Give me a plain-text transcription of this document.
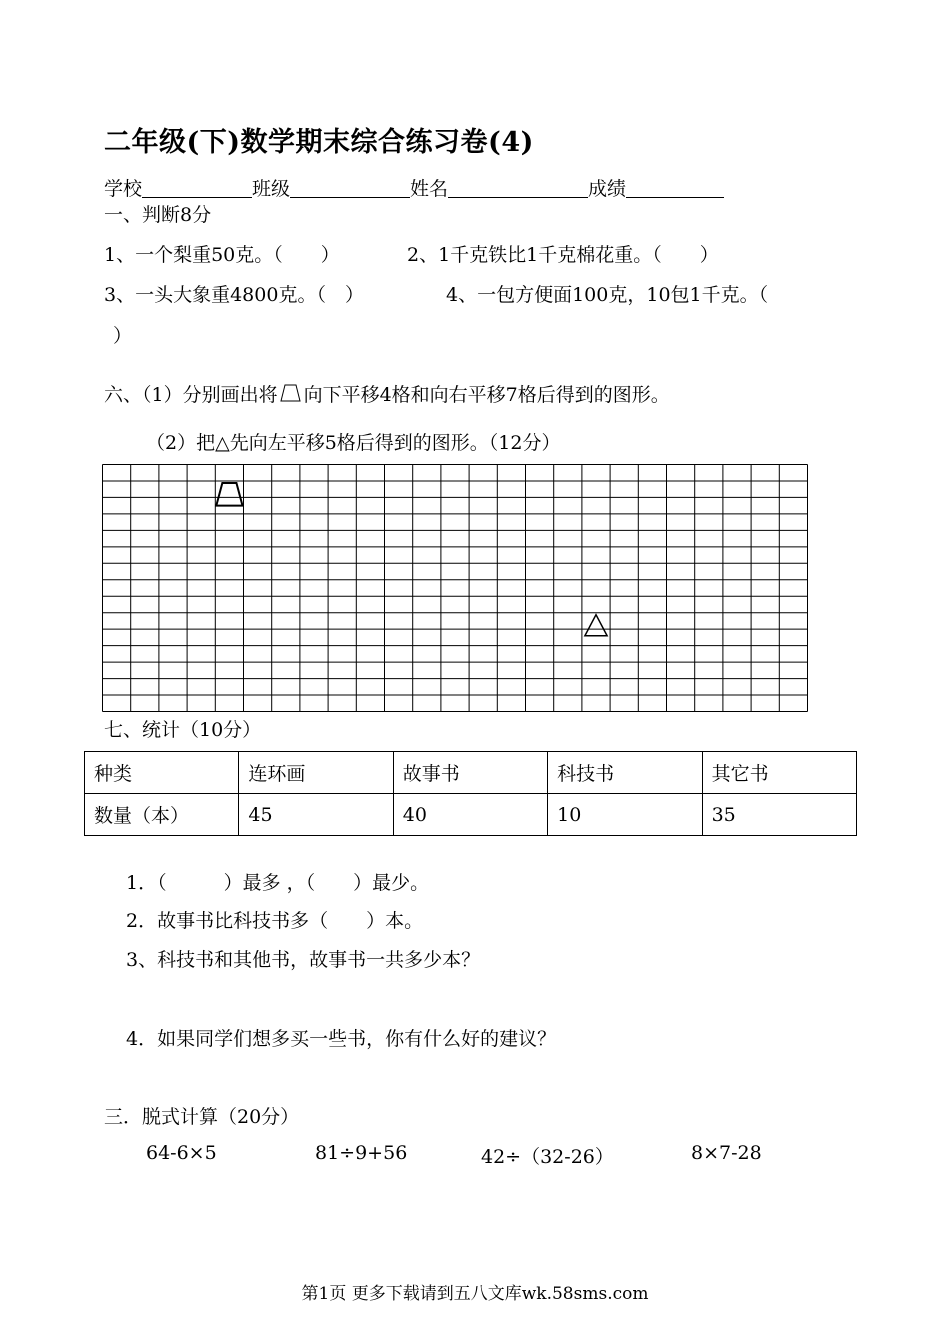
二年级(下)数学期末综合练习卷(4)
学校	班级	姓名	成绩
一、判断8分
1、一个梨重50克。（　　）	2、1千克铁比1千克棉花重。（　　）
3、一头大象重4800克。（　）	4、一包方便面100克，10包1千克。（
）
六、（1）分别画出将 向下平移4格和向右平移7格后得到的图形。
（2）把△先向左平移5格后得到的图形。（12分）
七、统计（10分）
种类	连环画	故事书	科技书	其它书
数量（本）	45	40	10	35
1．（　　　）最多 ，（　　）最少。
2．故事书比科技书多（　　）本。
3、科技书和其他书，故事书一共多少本？
4．如果同学们想多买一些书，你有什么好的建议？
三．脱式计算（20分）
64-6×5	81÷9+56	42÷（32-26）	8×7-28
第1页 更多下载请到五八文库wk.58sms.com
